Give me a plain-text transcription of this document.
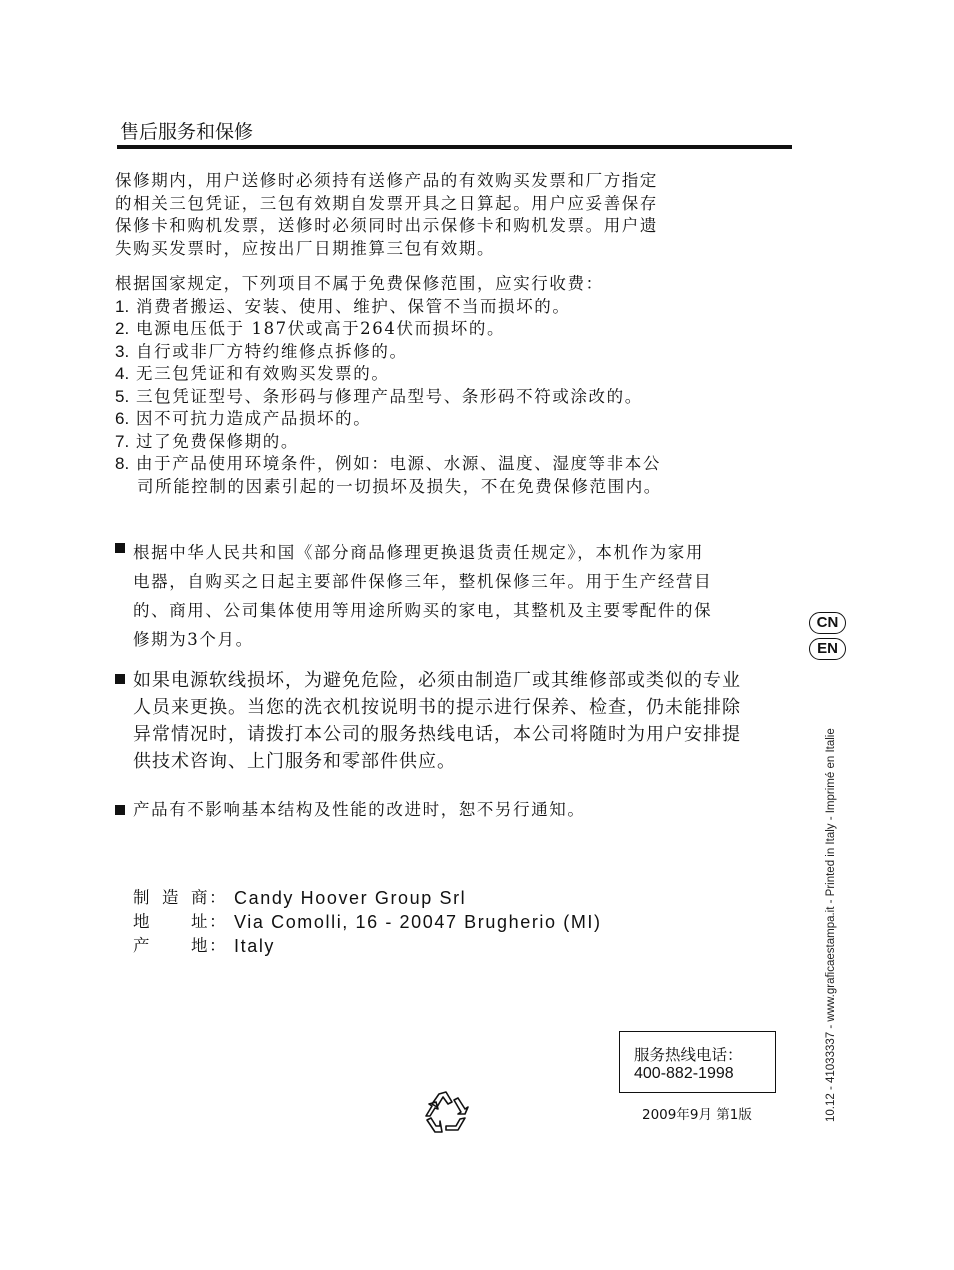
售后服务和保修
保修期内，用户送修时必须持有送修产品的有效购买发票和厂方指定
的相关三包凭证，三包有效期自发票开具之日算起。用户应妥善保存
保修卡和购机发票，送修时必须同时出示保修卡和购机发票。用户遗
失购买发票时，应按出厂日期推算三包有效期。
根据国家规定，下列项目不属于免费保修范围，应实行收费：
1. 消费者搬运、安装、使用、维护、保管不当而损坏的。
2. 电源电压低于 187伏或高于264伏而损坏的。
3. 自行或非厂方特约维修点拆修的。
4. 无三包凭证和有效购买发票的。
5. 三包凭证型号、条形码与修理产品型号、条形码不符或涂改的。
6. 因不可抗力造成产品损坏的。
7. 过了免费保修期的。
8. 由于产品使用环境条件，例如：电源、水源、温度、湿度等非本公
司所能控制的因素引起的一切损坏及损失，不在免费保修范围内。
根据中华人民共和国《部分商品修理更换退货责任规定》，本机作为家用
电器，自购买之日起主要部件保修三年，整机保修三年。用于生产经营目
的、商用、公司集体使用等用途所购买的家电，其整机及主要零配件的保
修期为3个月。
如果电源软线损坏，为避免危险，必须由制造厂或其维修部或类似的专业
人员来更换。当您的洗衣机按说明书的提示进行保养、检查，仍未能排除
异常情况时，请拨打本公司的服务热线电话，本公司将随时为用户安排提
供技术咨询、上门服务和零部件供应。
产品有不影响基本结构及性能的改进时，恕不另行通知。
制 造 商： Candy Hoover Group Srl
地 址： Via Comolli, 16 - 20047 Brugherio (MI)
产 地： Italy
服务热线电话：
400-882-1998
2009年9月 第1版
CN
EN
10.12 - 41033337 - www.graficaestampa.it - Printed in Italy - Imprimé en Italie
